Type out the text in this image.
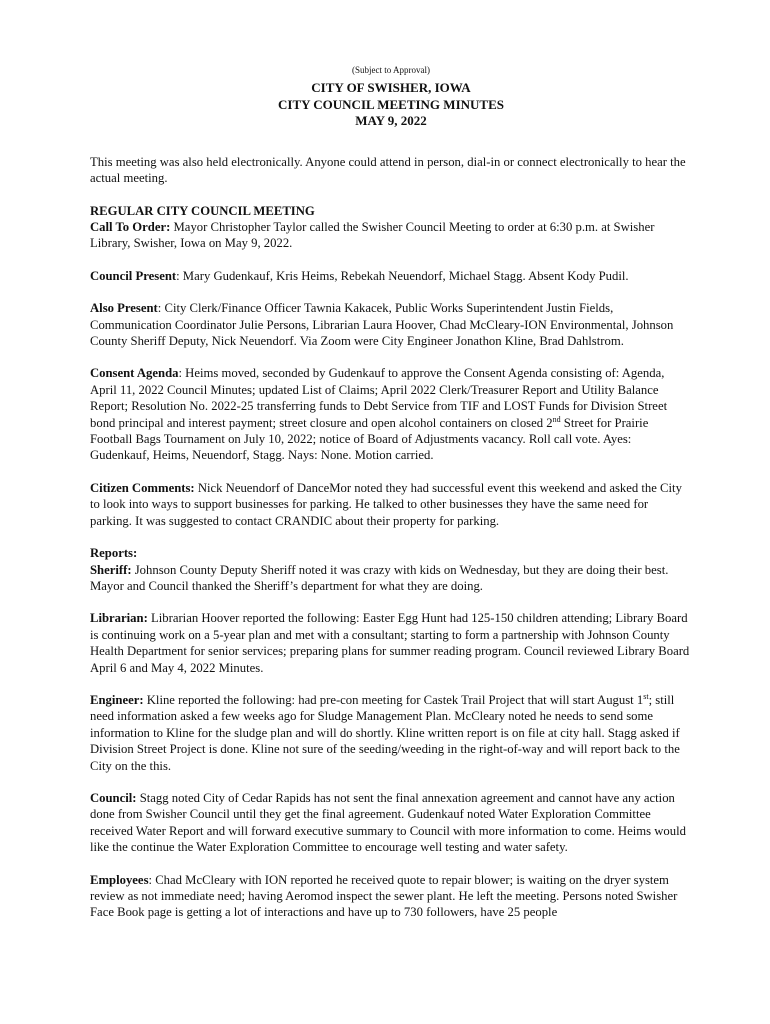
(Subject to Approval)
CITY OF SWISHER, IOWA
CITY COUNCIL MEETING MINUTES
MAY 9, 2022

This meeting was also held electronically. Anyone could attend in person, dial-in or connect electronically to hear the actual meeting.

REGULAR CITY COUNCIL MEETING

Call To Order: Mayor Christopher Taylor called the Swisher Council Meeting to order at 6:30 p.m. at Swisher Library, Swisher, Iowa on May 9, 2022.

Council Present: Mary Gudenkauf, Kris Heims, Rebekah Neuendorf, Michael Stagg. Absent Kody Pudil.

Also Present: City Clerk/Finance Officer Tawnia Kakacek, Public Works Superintendent Justin Fields, Communication Coordinator Julie Persons, Librarian Laura Hoover, Chad McCleary-ION Environmental, Johnson County Sheriff Deputy, Nick Neuendorf. Via Zoom were City Engineer Jonathon Kline, Brad Dahlstrom.

Consent Agenda: Heims moved, seconded by Gudenkauf to approve the Consent Agenda consisting of: Agenda, April 11, 2022 Council Minutes; updated List of Claims; April 2022 Clerk/Treasurer Report and Utility Balance Report; Resolution No. 2022-25 transferring funds to Debt Service from TIF and LOST Funds for Division Street bond principal and interest payment; street closure and open alcohol containers on closed 2nd Street for Prairie Football Bags Tournament on July 10, 2022; notice of Board of Adjustments vacancy. Roll call vote. Ayes: Gudenkauf, Heims, Neuendorf, Stagg. Nays: None. Motion carried.

Citizen Comments: Nick Neuendorf of DanceMor noted they had successful event this weekend and asked the City to look into ways to support businesses for parking. He talked to other businesses they have the same need for parking. It was suggested to contact CRANDIC about their property for parking.

Reports:

Sheriff: Johnson County Deputy Sheriff noted it was crazy with kids on Wednesday, but they are doing their best. Mayor and Council thanked the Sheriff’s department for what they are doing.

Librarian: Librarian Hoover reported the following: Easter Egg Hunt had 125-150 children attending; Library Board is continuing work on a 5-year plan and met with a consultant; starting to form a partnership with Johnson County Health Department for senior services; preparing plans for summer reading program. Council reviewed Library Board April 6 and May 4, 2022 Minutes.

Engineer: Kline reported the following: had pre-con meeting for Castek Trail Project that will start August 1st; still need information asked a few weeks ago for Sludge Management Plan. McCleary noted he needs to send some information to Kline for the sludge plan and will do shortly. Kline written report is on file at city hall. Stagg asked if Division Street Project is done. Kline not sure of the seeding/weeding in the right-of-way and will report back to the City on the this.

Council: Stagg noted City of Cedar Rapids has not sent the final annexation agreement and cannot have any action done from Swisher Council until they get the final agreement. Gudenkauf noted Water Exploration Committee received Water Report and will forward executive summary to Council with more information to come. Heims would like the continue the Water Exploration Committee to encourage well testing and water safety.

Employees: Chad McCleary with ION reported he received quote to repair blower; is waiting on the dryer system review as not immediate need; having Aeromod inspect the sewer plant. He left the meeting. Persons noted Swisher Face Book page is getting a lot of interactions and have up to 730 followers, have 25 people
